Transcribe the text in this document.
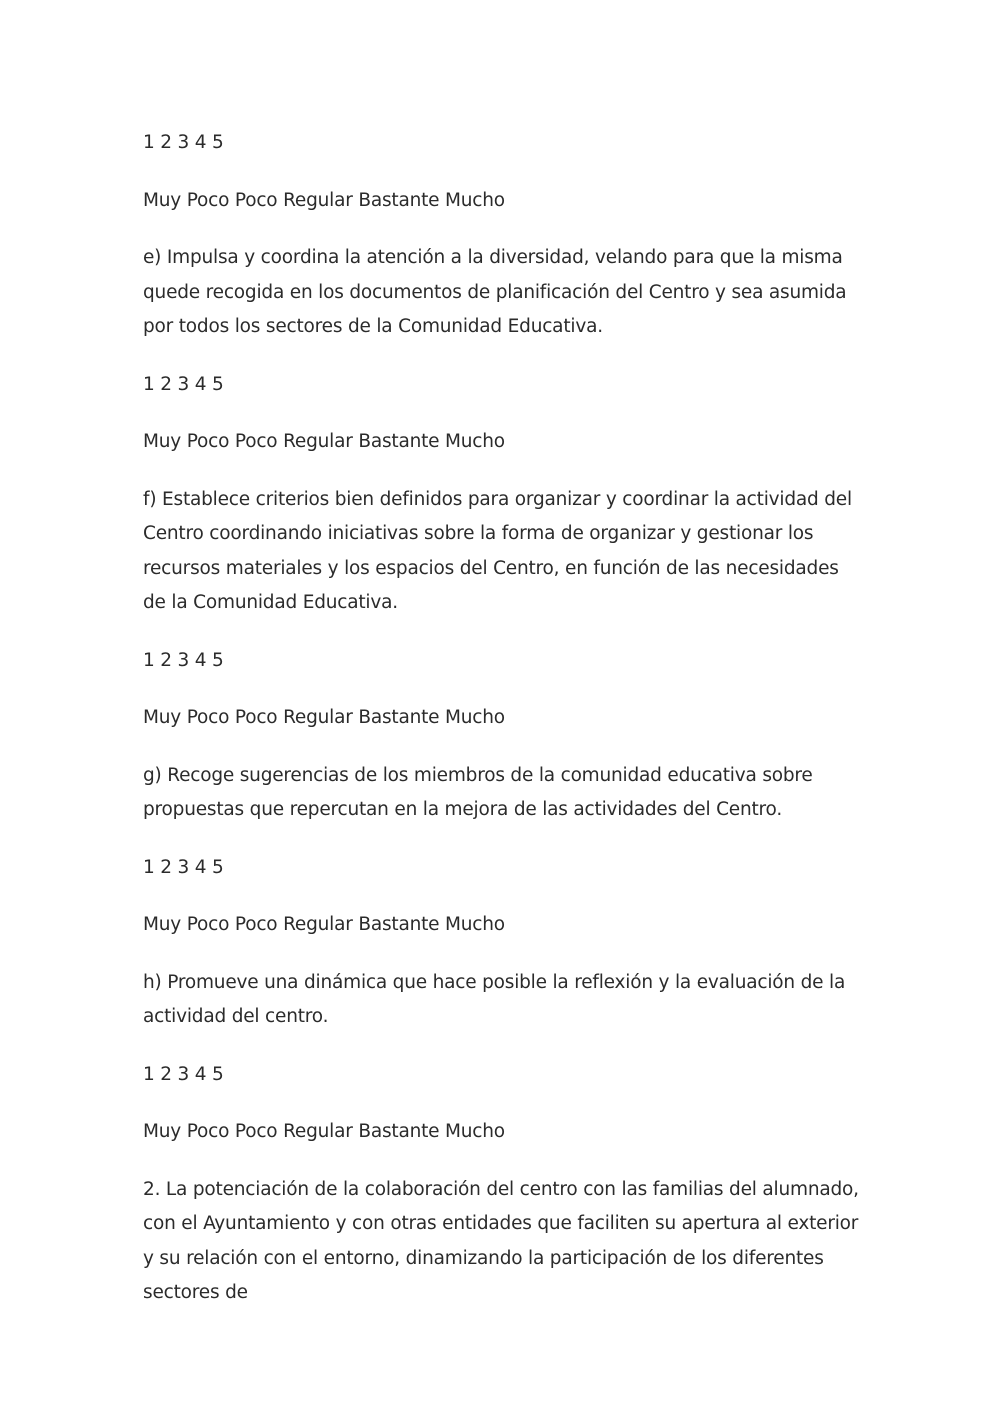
1 2 3 4 5
Muy Poco Poco Regular Bastante Mucho
e) Impulsa y coordina la atención a la diversidad, velando para que la misma quede recogida en los documentos de planificación del Centro y sea asumida por todos los sectores de la Comunidad Educativa.
1 2 3 4 5
Muy Poco Poco Regular Bastante Mucho
f) Establece criterios bien definidos para organizar y coordinar la actividad del Centro coordinando iniciativas sobre la forma de organizar y gestionar los recursos materiales y los espacios del Centro, en función de las necesidades de la Comunidad Educativa.
1 2 3 4 5
Muy Poco Poco Regular Bastante Mucho
g) Recoge sugerencias de los miembros de la comunidad educativa sobre propuestas que repercutan en la mejora de las actividades del Centro.
1 2 3 4 5
Muy Poco Poco Regular Bastante Mucho
h) Promueve una dinámica que hace posible la reflexión y la evaluación de la actividad del centro.
1 2 3 4 5
Muy Poco Poco Regular Bastante Mucho
2. La potenciación de la colaboración del centro con las familias del alumnado, con el Ayuntamiento y con otras entidades que faciliten su apertura al exterior y su relación con el entorno, dinamizando la participación de los diferentes sectores de
